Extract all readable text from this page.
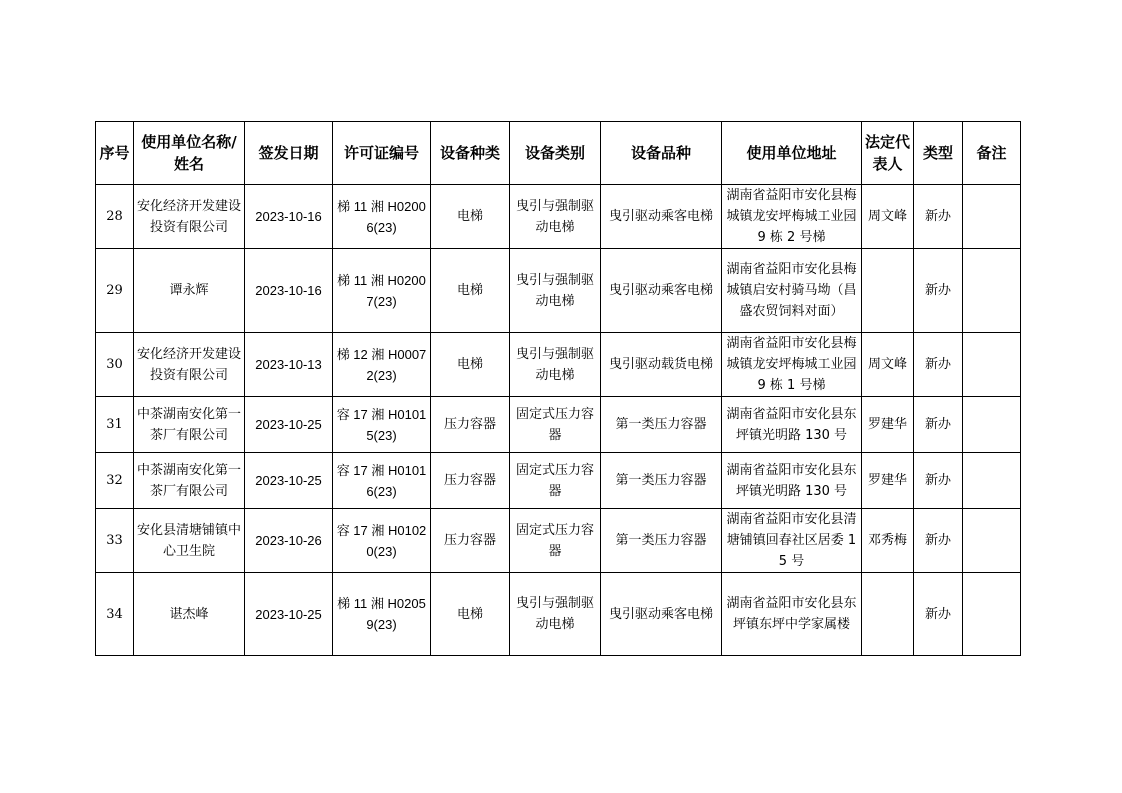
序号	使用单位名称/姓名	签发日期	许可证编号	设备种类	设备类别	设备品种	使用单位地址	法定代表人	类型	备注
28	安化经济开发建设投资有限公司	2023-10-16	梯 11 湘 H02006(23)	电梯	曳引与强制驱动电梯	曳引驱动乘客电梯	湖南省益阳市安化县梅城镇龙安坪梅城工业园 9 栋 2 号梯	周文峰	新办	
29	谭永辉	2023-10-16	梯 11 湘 H02007(23)	电梯	曳引与强制驱动电梯	曳引驱动乘客电梯	湖南省益阳市安化县梅城镇启安村骑马坳（昌盛农贸饲料对面）		新办	
30	安化经济开发建设投资有限公司	2023-10-13	梯 12 湘 H00072(23)	电梯	曳引与强制驱动电梯	曳引驱动载货电梯	湖南省益阳市安化县梅城镇龙安坪梅城工业园 9 栋 1 号梯	周文峰	新办	
31	中茶湖南安化第一茶厂有限公司	2023-10-25	容 17 湘 H01015(23)	压力容器	固定式压力容器	第一类压力容器	湖南省益阳市安化县东坪镇光明路 130 号	罗建华	新办	
32	中茶湖南安化第一茶厂有限公司	2023-10-25	容 17 湘 H01016(23)	压力容器	固定式压力容器	第一类压力容器	湖南省益阳市安化县东坪镇光明路 130 号	罗建华	新办	
33	安化县清塘铺镇中心卫生院	2023-10-26	容 17 湘 H01020(23)	压力容器	固定式压力容器	第一类压力容器	湖南省益阳市安化县清塘铺镇回春社区居委 15 号	邓秀梅	新办	
34	谌杰峰	2023-10-25	梯 11 湘 H02059(23)	电梯	曳引与强制驱动电梯	曳引驱动乘客电梯	湖南省益阳市安化县东坪镇东坪中学家属楼		新办	
